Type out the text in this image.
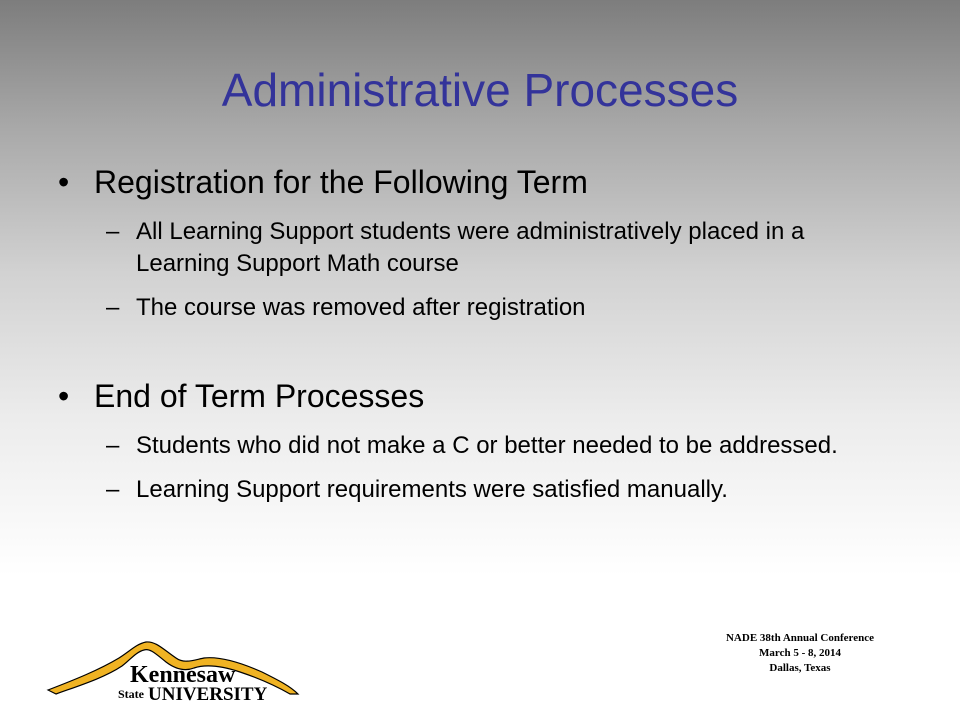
Administrative Processes
• Registration for the Following Term
– All Learning Support students were administratively placed in a Learning Support Math course
– The course was removed after registration
• End of Term Processes
– Students who did not make a C or better needed to be addressed.
– Learning Support requirements were satisfied manually.
NADE 38th Annual Conference
March 5 - 8, 2014
Dallas, Texas
Kennesaw
State UNIVERSITY
